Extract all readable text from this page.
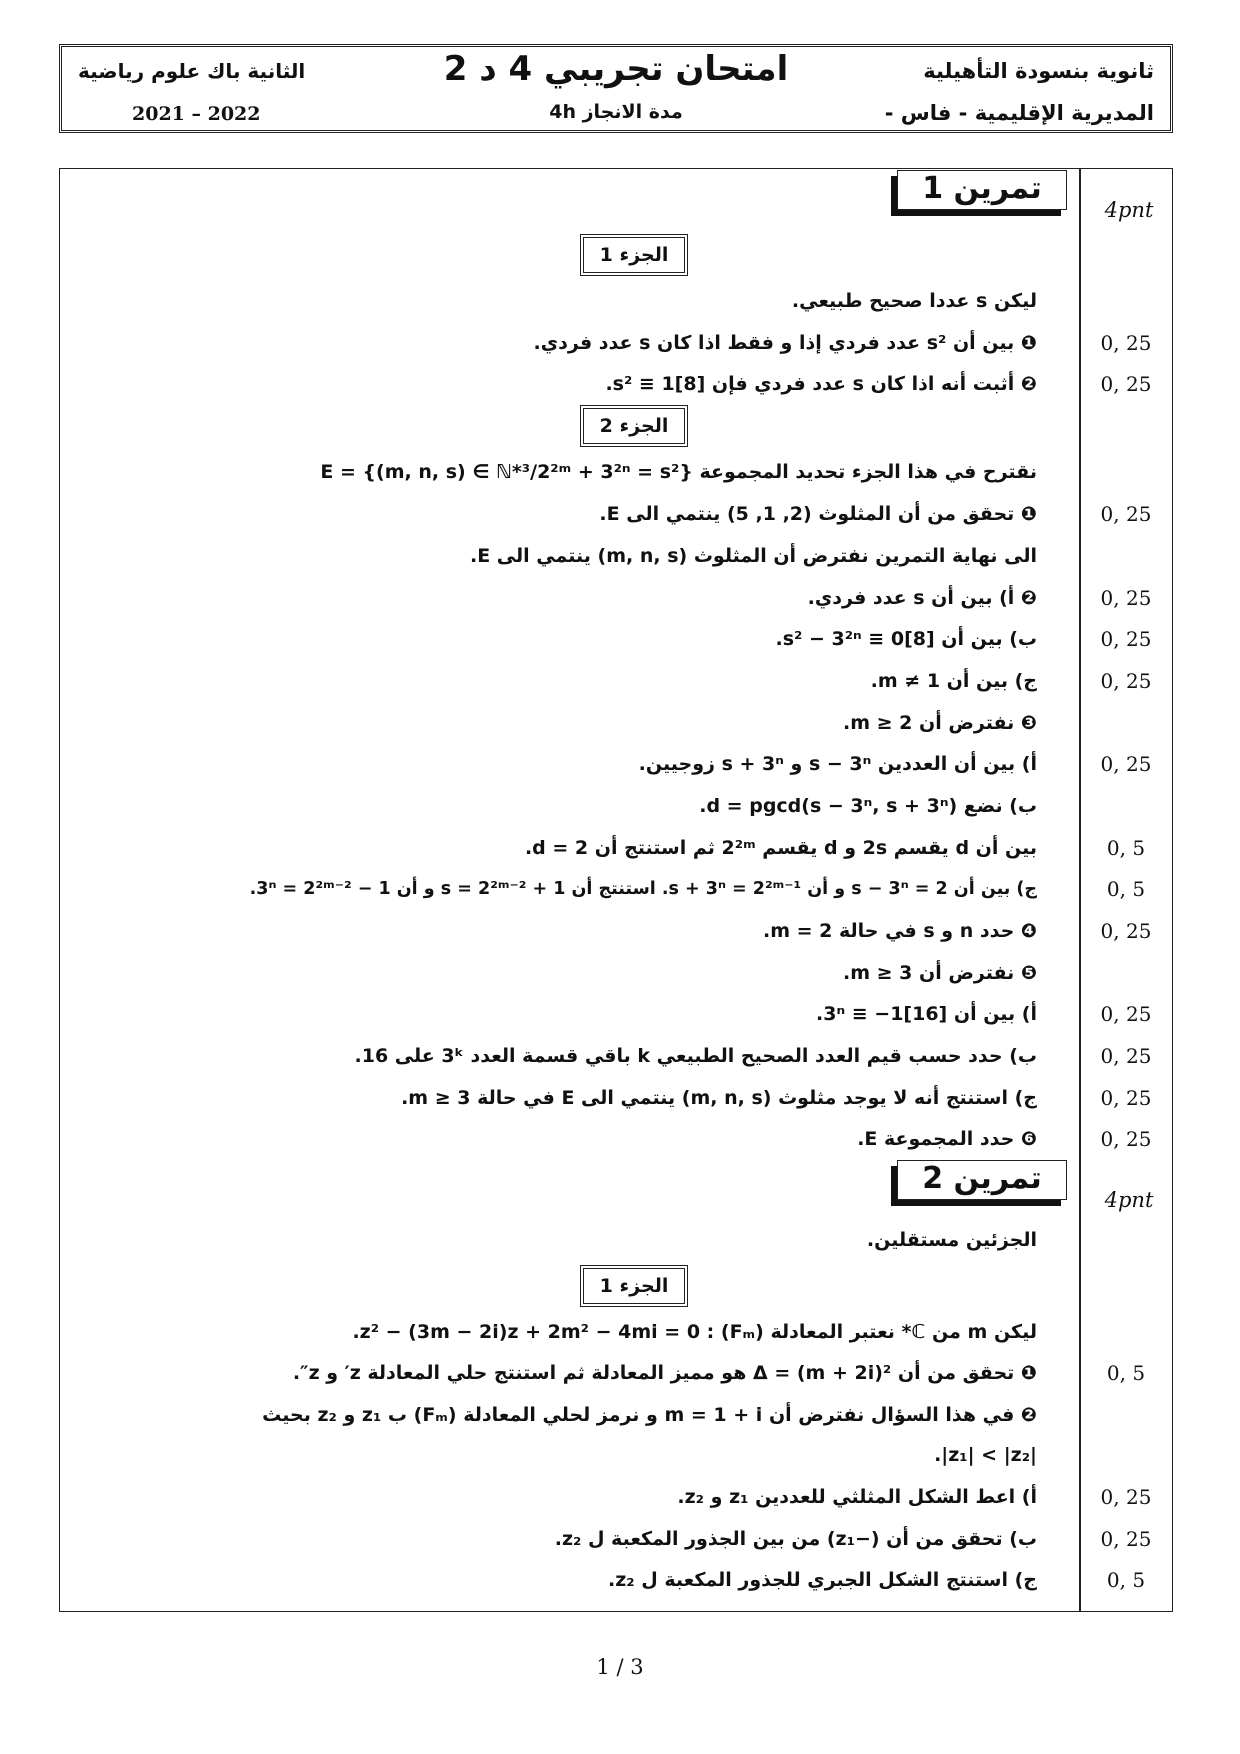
ثانوية بنسودة التأهيلية
المديرية الإقليمية - فاس -
امتحان تجريبي 4 د 2
مدة الانجاز 4h
الثانية باك علوم رياضية
2021 – 2022
تمرين 1
4pnt
الجزء 1
ليكن s عددا صحيح طبيعي.
❶ بين أن s² عدد فردي إذا و فقط اذا كان s عدد فردي.	0, 25
❷ أثبت أنه اذا كان s عدد فردي فإن s² ≡ 1[8].	0, 25
الجزء 2
نقترح في هذا الجزء تحديد المجموعة {E = {(m, n, s) ∈ ℕ*³/2²ᵐ + 3²ⁿ = s²
❶ تحقق من أن المثلوث (2, 1, 5) ينتمي الى E.	0, 25
الى نهاية التمرين نفترض أن المثلوث (m, n, s) ينتمي الى E.
❷ أ) بين أن s عدد فردي.	0, 25
ب) بين أن s² − 3²ⁿ ≡ 0[8].	0, 25
ج) بين أن m ≠ 1.	0, 25
❸ نفترض أن m ≥ 2.
أ) بين أن العددين s − 3ⁿ و s + 3ⁿ زوجيين.	0, 25
ب) نضع d = pgcd(s − 3ⁿ, s + 3ⁿ).
بين أن d يقسم 2s و d يقسم 2²ᵐ ثم استنتج أن d = 2.	0, 5
ج) بين أن s − 3ⁿ = 2 و أن s + 3ⁿ = 2²ᵐ⁻¹. استنتج أن s = 2²ᵐ⁻² + 1 و أن 3ⁿ = 2²ᵐ⁻² − 1.	0, 5
❹ حدد n و s في حالة m = 2.	0, 25
❺ نفترض أن m ≥ 3.
أ) بين أن 3ⁿ ≡ −1[16].	0, 25
ب) حدد حسب قيم العدد الصحيح الطبيعي k باقي قسمة العدد 3ᵏ على 16.	0, 25
ج) استنتج أنه لا يوجد مثلوث (m, n, s) ينتمي الى E في حالة m ≥ 3.	0, 25
❻ حدد المجموعة E.	0, 25
تمرين 2
4pnt
الجزئين مستقلين.
الجزء 1
ليكن m من ℂ* نعتبر المعادلة (Fₘ) : z² − (3m − 2i)z + 2m² − 4mi = 0.
❶ تحقق من أن Δ = (m + 2i)² هو مميز المعادلة ثم استنتج حلي المعادلة z′ و z″.	0, 5
❷ في هذا السؤال نفترض أن m = 1 + i و نرمز لحلي المعادلة (Fₘ) ب z₁ و z₂ بحيث
|z₁| < |z₂|.
أ) اعط الشكل المثلثي للعددين z₁ و z₂.	0, 25
ب) تحقق من أن (−z₁) من بين الجذور المكعبة ل z₂.	0, 25
ج) استنتج الشكل الجبري للجذور المكعبة ل z₂.	0, 5
1 / 3
